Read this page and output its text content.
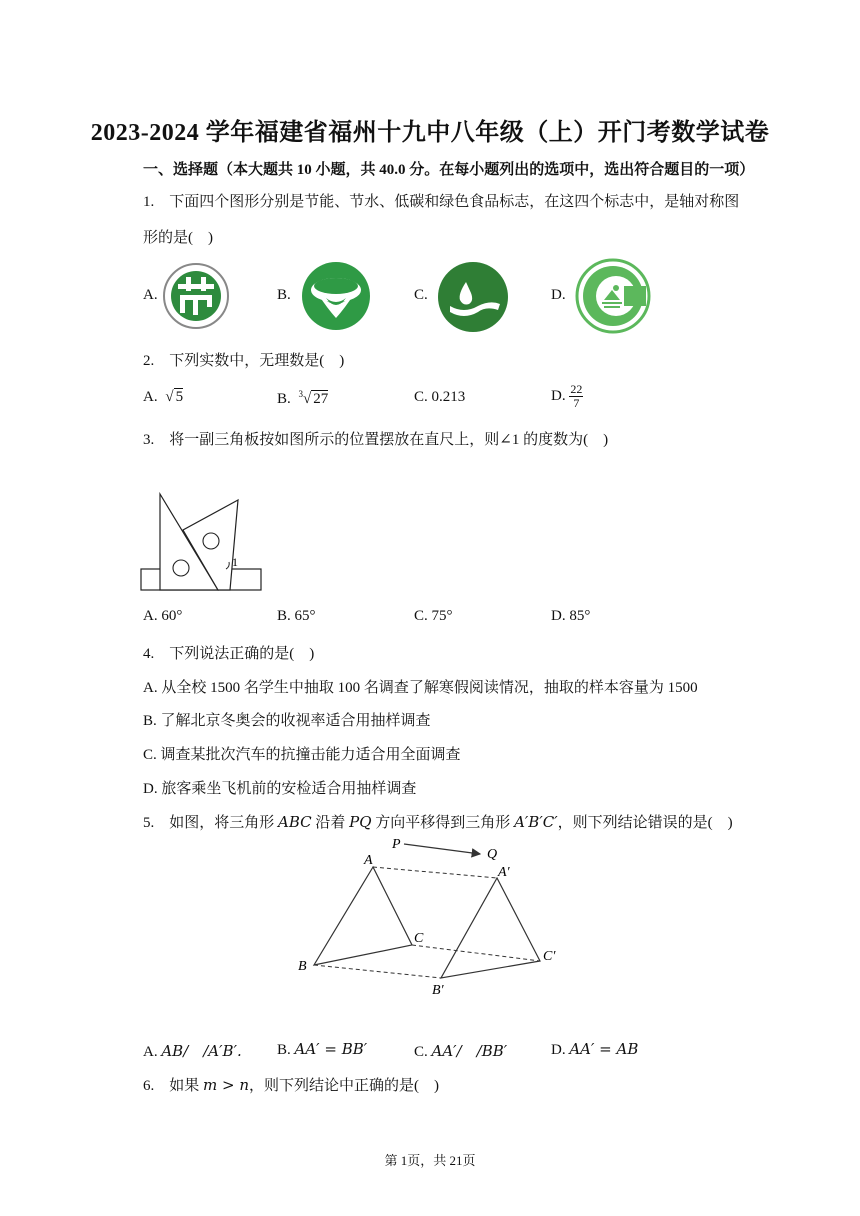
2023-2024 学年福建省福州十九中八年级（上）开门考数学试卷
一、选择题（本大题共 10 小题，共 40.0 分。在每小题列出的选项中，选出符合题目的一项）
1.　下面四个图形分别是节能、节水、低碳和绿色食品标志，在这四个标志中，是轴对称图
形的是(　)
A.	B.	C.	D.
2.　下列实数中，无理数是(　)
A. √ 5	B. $^3$√ 27	C. 0.213	D. $\frac{22}{7}$
3.　将一副三角板按如图所示的位置摆放在直尺上，则∠1 的度数为(　)
1
A. 60°	B. 65°	C. 75°	D. 85°
4.　下列说法正确的是(　)
A. 从全校 1500 名学生中抽取 100 名调查了解寒假阅读情况，抽取的样本容量为 1500
B. 了解北京冬奥会的收视率适合用抽样调查
C. 调查某批次汽车的抗撞击能力适合用全面调查
D. 旅客乘坐飞机前的安检适合用抽样调查
5.　如图，将三角形 ABC 沿着 PQ 方向平移得到三角形 A′B′C′，则下列结论错误的是(　)
P
Q
A
B
C
A′
B′
C′
A. AB/　/A′B′. B. AA′ = BB′	C. AA′/　/BB′	D. AA′ = AB
6.　如果 m > n，则下列结论中正确的是(　)
第 1页，共 21页
